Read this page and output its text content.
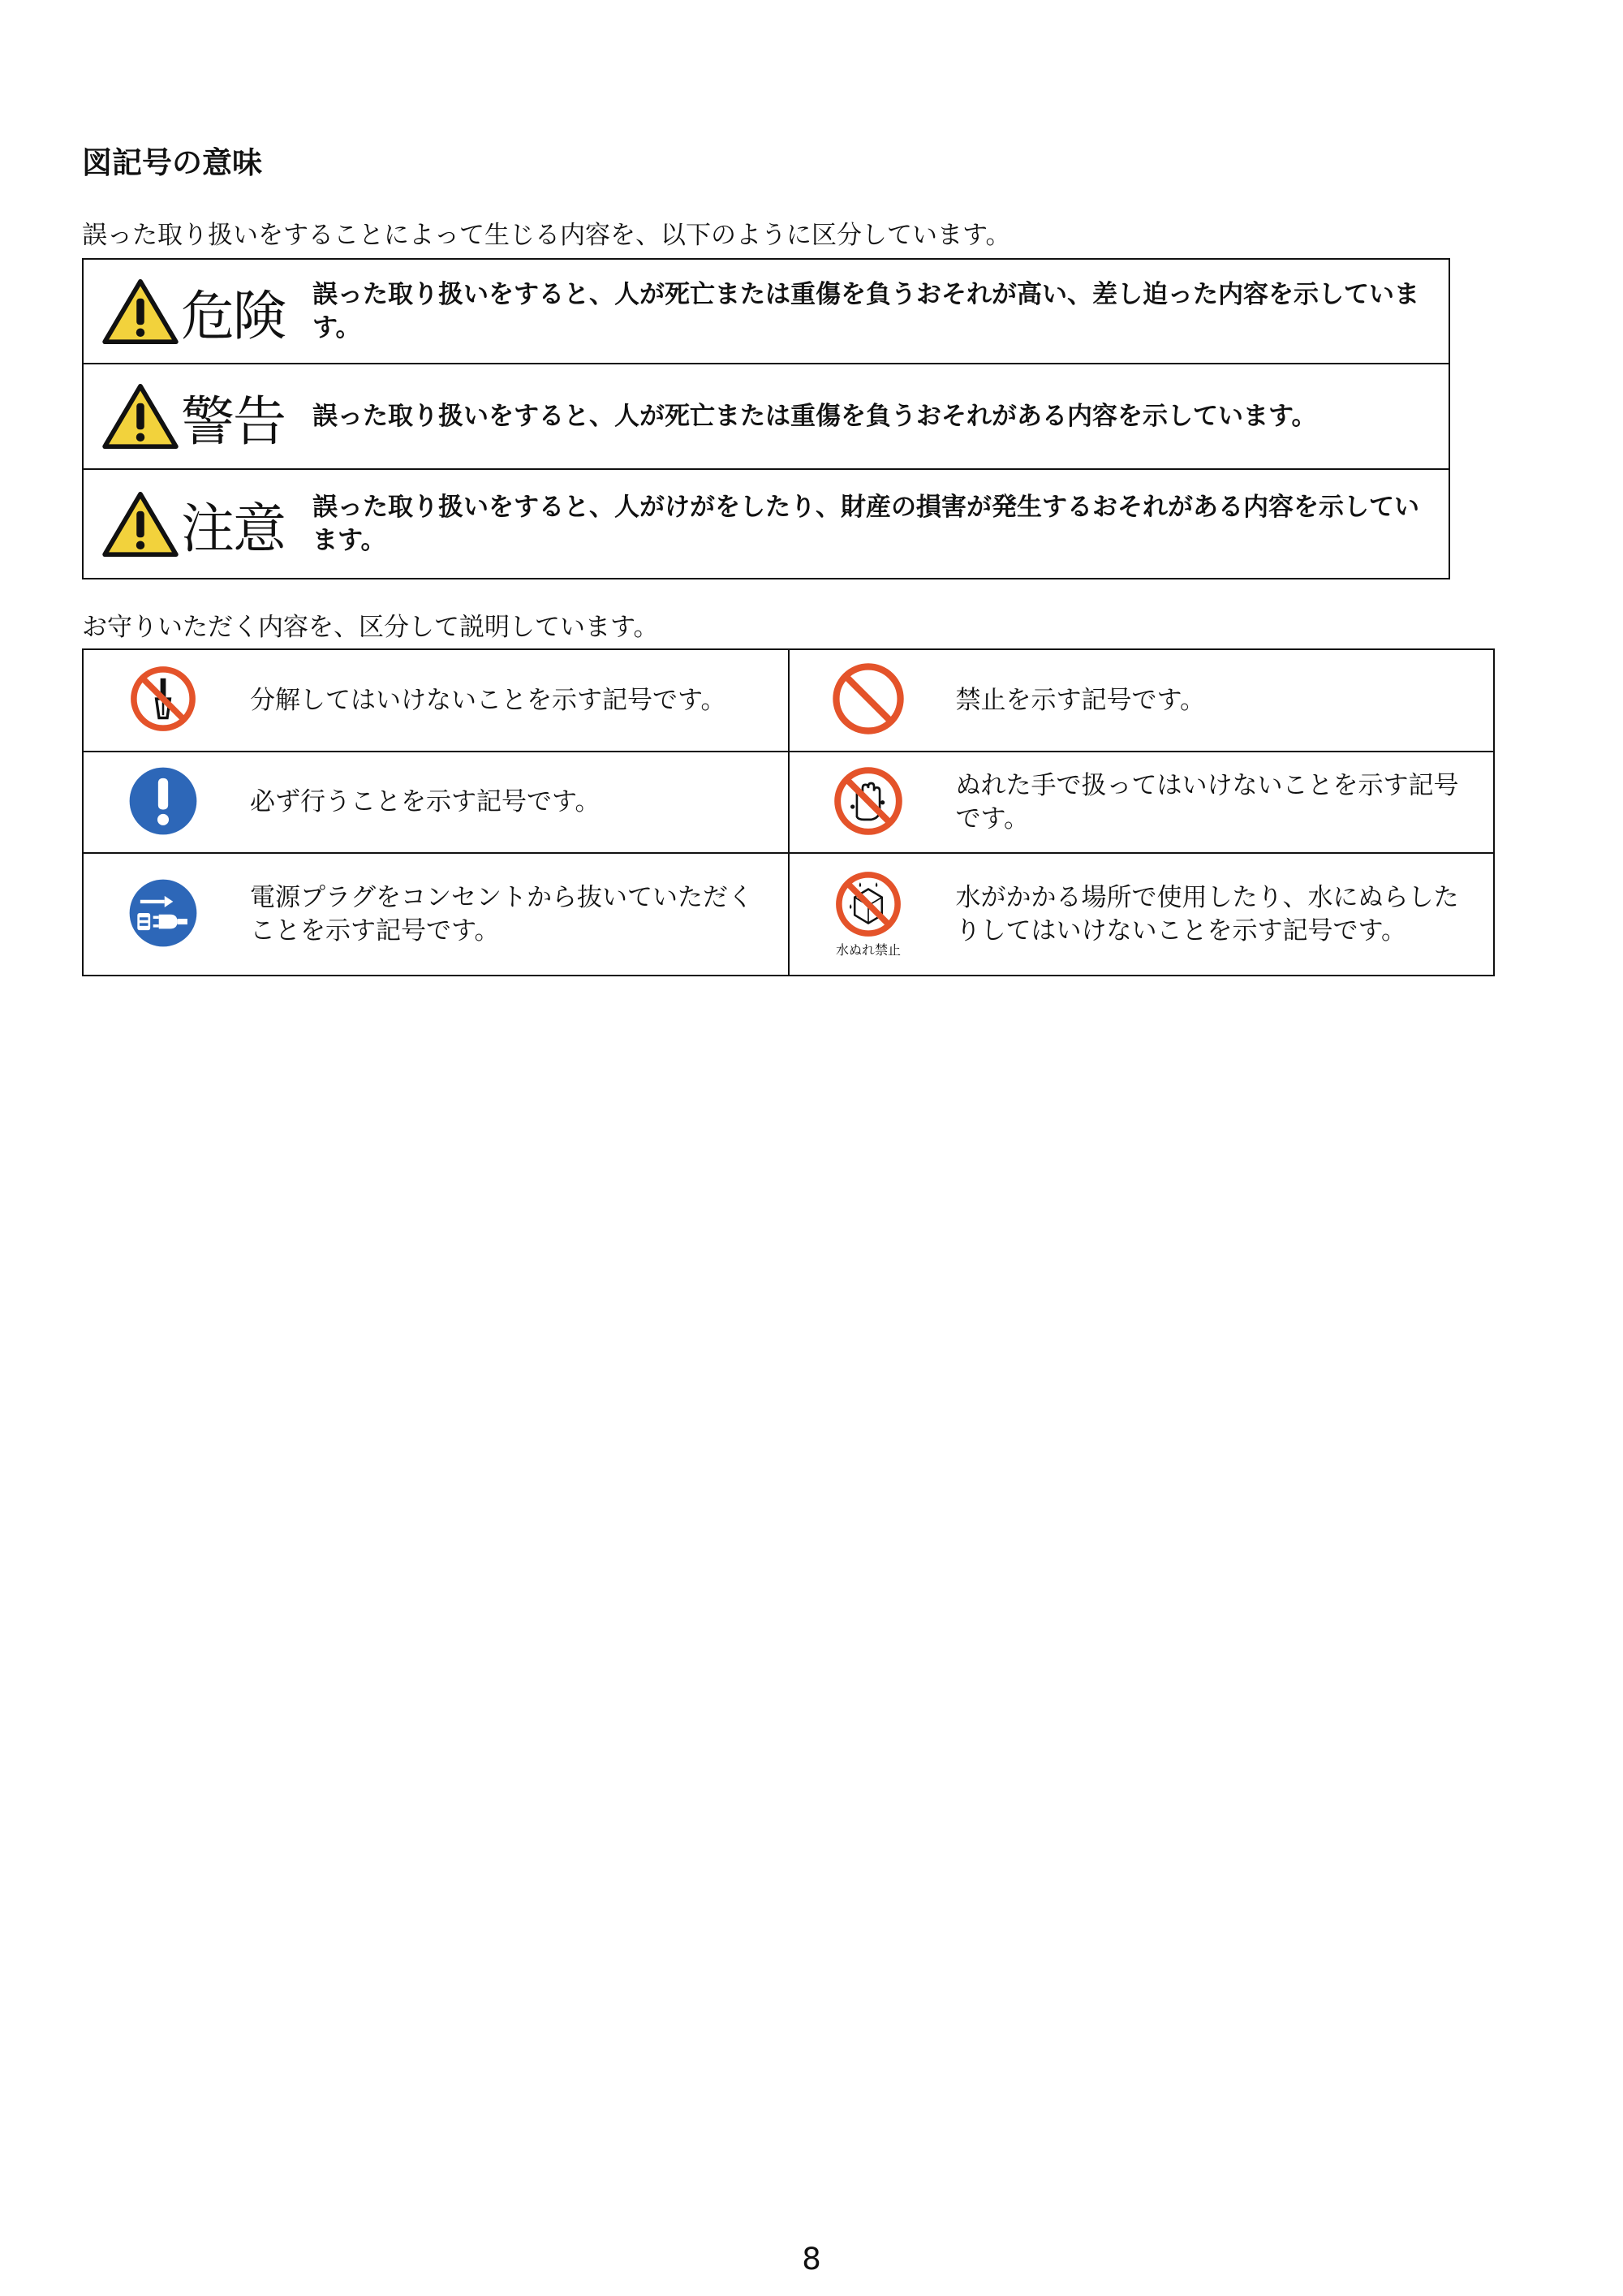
図記号の意味

誤った取り扱いをすることによって生じる内容を、以下のように区分しています。

危険 誤った取り扱いをすると、人が死亡または重傷を負うおそれが高い、差し迫った内容を示しています。

警告 誤った取り扱いをすると、人が死亡または重傷を負うおそれがある内容を示しています。

注意 誤った取り扱いをすると、人がけがをしたり、財産の損害が発生するおそれがある内容を示しています。

お守りいただく内容を、区分して説明しています。

	分解してはいけないことを示す記号です。		禁止を示す記号です。

	必ず行うことを示す記号です。		ぬれた手で扱ってはいけないことを示す記号です。

	電源プラグをコンセントから抜いていただくことを示す記号です。	水ぬれ禁止	水がかかる場所で使用したり、水にぬらしたりしてはいけないことを示す記号です。

8
